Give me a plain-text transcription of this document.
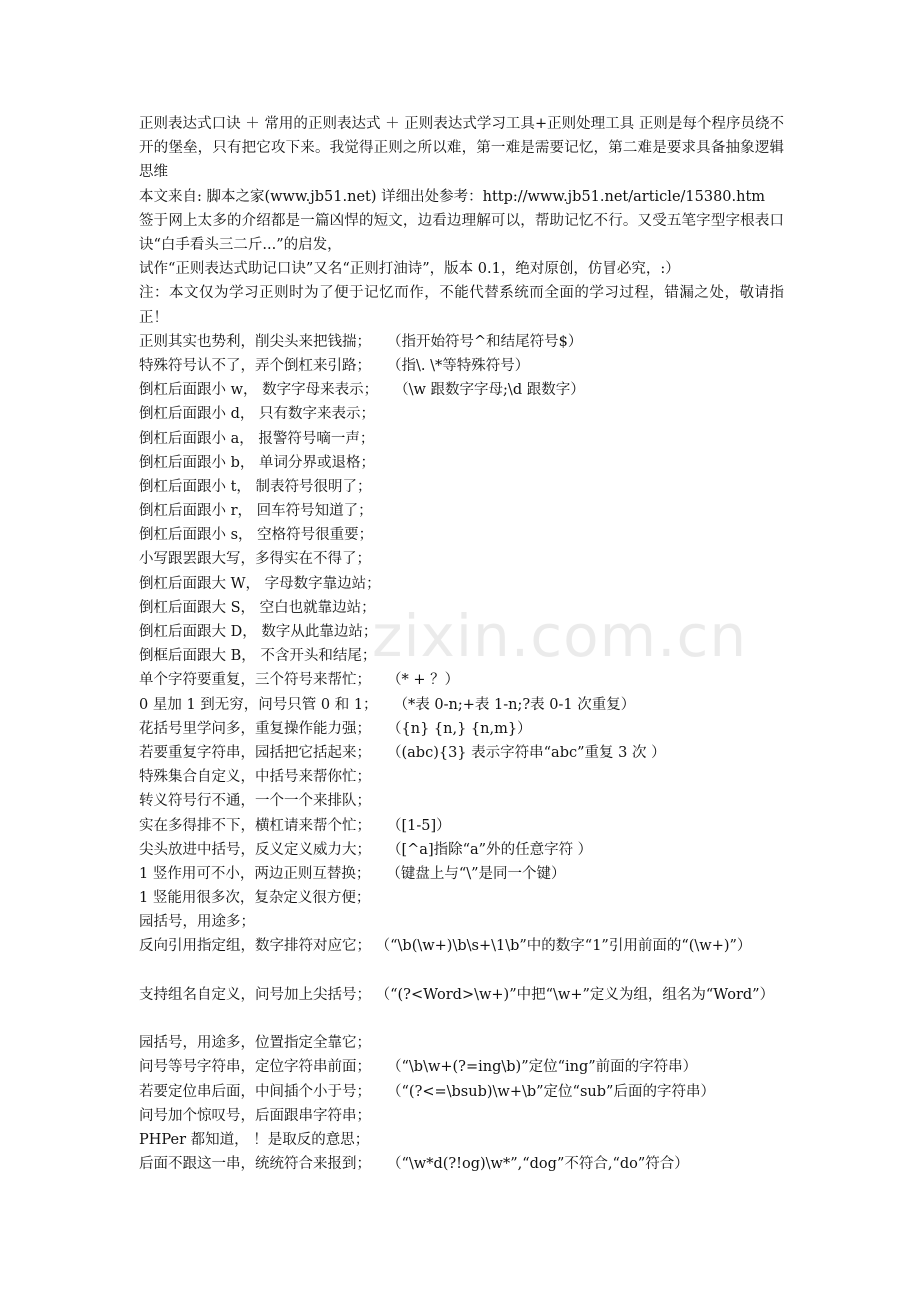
正则表达式口诀 ＋ 常用的正则表达式 ＋ 正则表达式学习工具+正则处理工具 正则是每个程序员绕不开的堡垒，只有把它攻下来。我觉得正则之所以难，第一难是需要记忆，第二难是要求具备抽象逻辑思维
本文来自: 脚本之家(www.jb51.net) 详细出处参考：http://www.jb51.net/article/15380.htm
签于网上太多的介绍都是一篇凶悍的短文，边看边理解可以，帮助记忆不行。又受五笔字型字根表口诀“白手看头三二斤...”的启发，
试作“正则表达式助记口诀”又名“正则打油诗”，版本 0.1，绝对原创，仿冒必究，:）
注：本文仅为学习正则时为了便于记忆而作，不能代替系统而全面的学习过程，错漏之处，敬请指正！
正则其实也势利，削尖头来把钱揣； （指开始符号^和结尾符号$）
特殊符号认不了，弄个倒杠来引路； （指\. \*等特殊符号）
倒杠后面跟小 w， 数字字母来表示； （\w 跟数字字母;\d 跟数字）
倒杠后面跟小 d， 只有数字来表示；
倒杠后面跟小 a， 报警符号嘀一声；
倒杠后面跟小 b， 单词分界或退格；
倒杠后面跟小 t， 制表符号很明了；
倒杠后面跟小 r， 回车符号知道了；
倒杠后面跟小 s， 空格符号很重要；
小写跟罢跟大写，多得实在不得了；
倒杠后面跟大 W， 字母数字靠边站；
倒杠后面跟大 S， 空白也就靠边站；
倒杠后面跟大 D， 数字从此靠边站；
倒框后面跟大 B， 不含开头和结尾；
单个字符要重复，三个符号来帮忙； （* + ？）
0 星加 1 到无穷，问号只管 0 和 1； （*表 0-n;+表 1-n;?表 0-1 次重复）
花括号里学问多，重复操作能力强； （{n} {n,} {n,m}）
若要重复字符串，园括把它括起来； （(abc){3} 表示字符串“abc”重复 3 次 ）
特殊集合自定义，中括号来帮你忙；
转义符号行不通，一个一个来排队；
实在多得排不下，横杠请来帮个忙； （[1-5]）
尖头放进中括号，反义定义威力大； （[^a]指除“a”外的任意字符 ）
1 竖作用可不小，两边正则互替换； （键盘上与“\”是同一个键）
1 竖能用很多次，复杂定义很方便；
园括号，用途多；
反向引用指定组，数字排符对应它； （“\b(\w+)\b\s+\1\b”中的数字“1”引用前面的“(\w+)”）
支持组名自定义，问号加上尖括号； （“(?<Word>\w+)”中把“\w+”定义为组，组名为“Word”）
园括号，用途多，位置指定全靠它；
问号等号字符串，定位字符串前面； （“\b\w+(?=ing\b)”定位“ing”前面的字符串）
若要定位串后面，中间插个小于号； （“(?<=\bsub)\w+\b”定位“sub”后面的字符串）
问号加个惊叹号，后面跟串字符串；
PHPer 都知道， ！是取反的意思；
后面不跟这一串，统统符合来报到； （“\w*d(?!og)\w*”,“dog”不符合,“do”符合）
zixin.com.cn
